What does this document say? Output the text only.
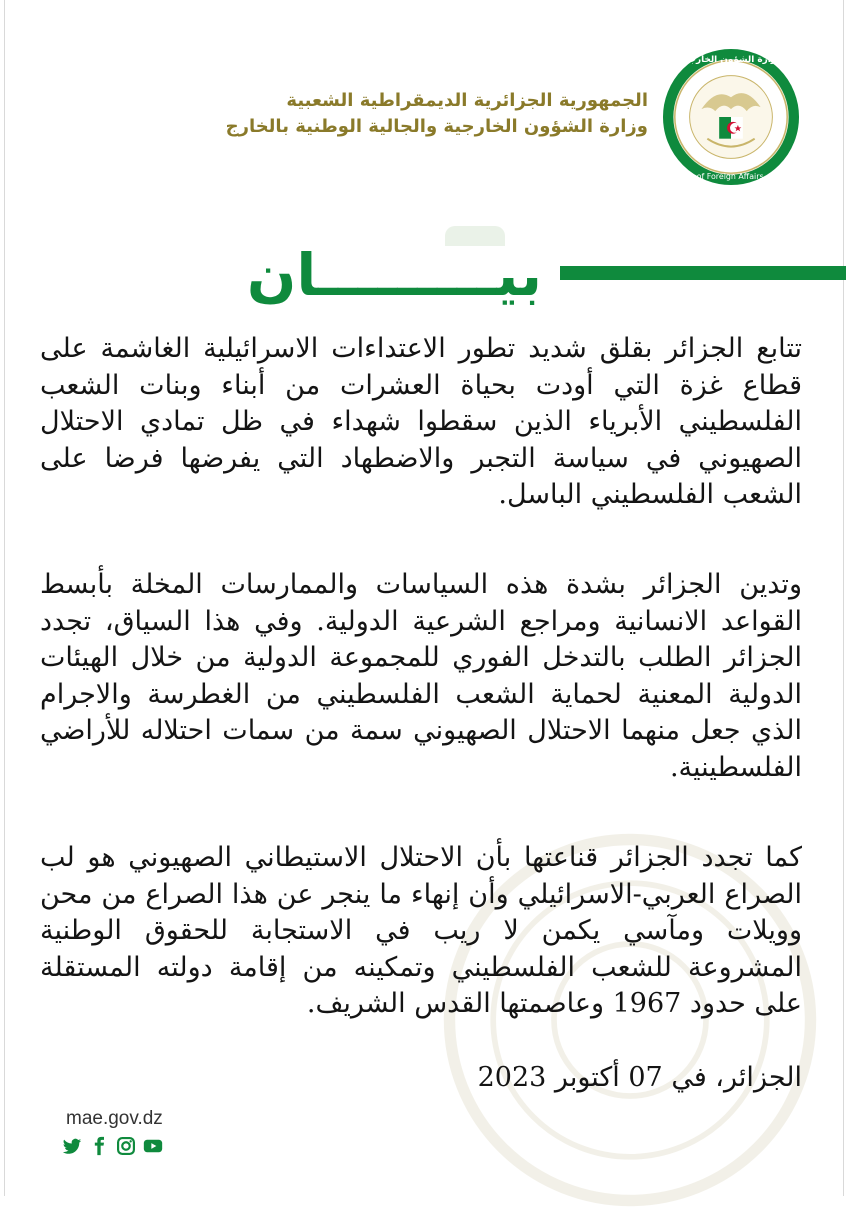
الجمهورية الجزائرية الديمقراطية الشعبية
وزارة الشؤون الخارجية والجالية الوطنية بالخارج
وزارة الشؤون الخارجية
Ministry of Foreign Affairs - Algeria
بيـــــــــان

تتابع الجزائر بقلق شديد تطور الاعتداءات الاسرائيلية الغاشمة على قطاع غزة التي أودت بحياة العشرات من أبناء وبنات الشعب الفلسطيني الأبرياء الذين سقطوا شهداء في ظل تمادي الاحتلال الصهيوني في سياسة التجبر والاضطهاد التي يفرضها فرضا على الشعب الفلسطيني الباسل.

وتدين الجزائر بشدة هذه السياسات والممارسات المخلة بأبسط القواعد الانسانية ومراجع الشرعية الدولية. وفي هذا السياق، تجدد الجزائر الطلب بالتدخل الفوري للمجموعة الدولية من خلال الهيئات الدولية المعنية لحماية الشعب الفلسطيني من الغطرسة والاجرام الذي جعل منهما الاحتلال الصهيوني سمة من سمات احتلاله للأراضي الفلسطينية.

كما تجدد الجزائر قناعتها بأن الاحتلال الاستيطاني الصهيوني هو لب الصراع العربي-الاسرائيلي وأن إنهاء ما ينجر عن هذا الصراع من محن وويلات ومآسي يكمن لا ريب في الاستجابة للحقوق الوطنية المشروعة للشعب الفلسطيني وتمكينه من إقامة دولته المستقلة على حدود 1967 وعاصمتها القدس الشريف.

الجزائر، في 07 أكتوبر 2023
mae.gov.dz
